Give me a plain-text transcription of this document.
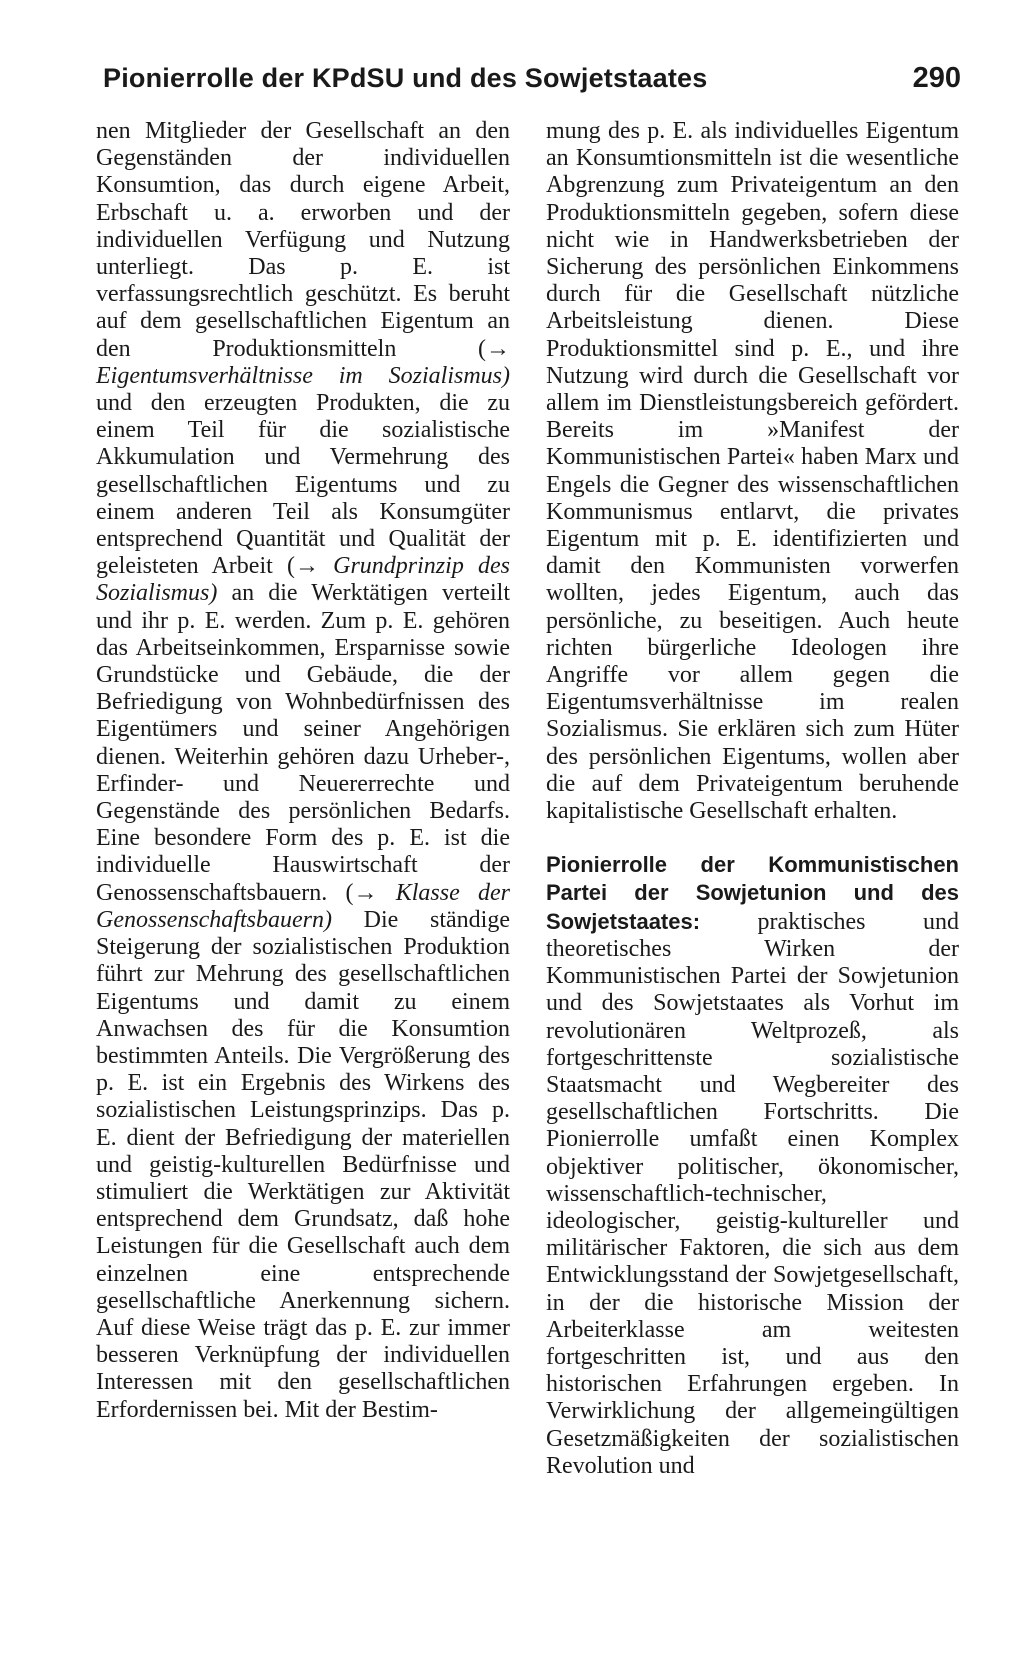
Pionierrolle der KPdSU und des Sowjetstaates	290

nen Mitglieder der Gesellschaft an den Gegenständen der individuellen Konsumtion, das durch eigene Arbeit, Erbschaft u. a. erworben und der individuellen Verfügung und Nutzung unterliegt. Das p. E. ist verfassungsrechtlich geschützt. Es beruht auf dem gesellschaftlichen Eigentum an den Produktionsmitteln (→ Eigentumsverhältnisse im Sozialismus) und den erzeugten Produkten, die zu einem Teil für die sozialistische Akkumulation und Vermehrung des gesellschaftlichen Eigentums und zu einem anderen Teil als Konsumgüter entsprechend Quantität und Qualität der geleisteten Arbeit (→ Grundprinzip des Sozialismus) an die Werktätigen verteilt und ihr p. E. werden. Zum p. E. gehören das Arbeitseinkommen, Ersparnisse sowie Grundstücke und Gebäude, die der Befriedigung von Wohnbedürfnissen des Eigentümers und seiner Angehörigen dienen. Weiterhin gehören dazu Urheber-, Erfinder- und Neuererrechte und Gegenstände des persönlichen Bedarfs. Eine besondere Form des p. E. ist die individuelle Hauswirtschaft der Genossenschaftsbauern. (→ Klasse der Genossenschaftsbauern) Die ständige Steigerung der sozialistischen Produktion führt zur Mehrung des gesellschaftlichen Eigentums und damit zu einem Anwachsen des für die Konsumtion bestimmten Anteils. Die Vergrößerung des p. E. ist ein Ergebnis des Wirkens des sozialistischen Leistungsprinzips. Das p. E. dient der Befriedigung der materiellen und geistig-kulturellen Bedürfnisse und stimuliert die Werktätigen zur Aktivität entsprechend dem Grundsatz, daß hohe Leistungen für die Gesellschaft auch dem einzelnen eine entsprechende gesellschaftliche Anerkennung sichern. Auf diese Weise trägt das p. E. zur immer besseren Verknüpfung der individuellen Interessen mit den gesellschaftlichen Erfordernissen bei. Mit der Bestim-

mung des p. E. als individuelles Eigentum an Konsumtionsmitteln ist die wesentliche Abgrenzung zum Privateigentum an den Produktionsmitteln gegeben, sofern diese nicht wie in Handwerksbetrieben der Sicherung des persönlichen Einkommens durch für die Gesellschaft nützliche Arbeitsleistung dienen. Diese Produktionsmittel sind p. E., und ihre Nutzung wird durch die Gesellschaft vor allem im Dienstleistungsbereich gefördert. Bereits im »Manifest der Kommunistischen Partei« haben Marx und Engels die Gegner des wissenschaftlichen Kommunismus entlarvt, die privates Eigentum mit p. E. identifizierten und damit den Kommunisten vorwerfen wollten, jedes Eigentum, auch das persönliche, zu beseitigen. Auch heute richten bürgerliche Ideologen ihre Angriffe vor allem gegen die Eigentumsverhältnisse im realen Sozialismus. Sie erklären sich zum Hüter des persönlichen Eigentums, wollen aber die auf dem Privateigentum beruhende kapitalistische Gesellschaft erhalten.

Pionierrolle der Kommunistischen Partei der Sowjetunion und des Sowjetstaates: praktisches und theoretisches Wirken der Kommunistischen Partei der Sowjetunion und des Sowjetstaates als Vorhut im revolutionären Weltprozeß, als fortgeschrittenste sozialistische Staatsmacht und Wegbereiter des gesellschaftlichen Fortschritts. Die Pionierrolle umfaßt einen Komplex objektiver politischer, ökonomischer, wissenschaftlich-technischer, ideologischer, geistig-kultureller und militärischer Faktoren, die sich aus dem Entwicklungsstand der Sowjetgesellschaft, in der die historische Mission der Arbeiterklasse am weitesten fortgeschritten ist, und aus den historischen Erfahrungen ergeben. In Verwirklichung der allgemeingültigen Gesetzmäßigkeiten der sozialistischen Revolution und
